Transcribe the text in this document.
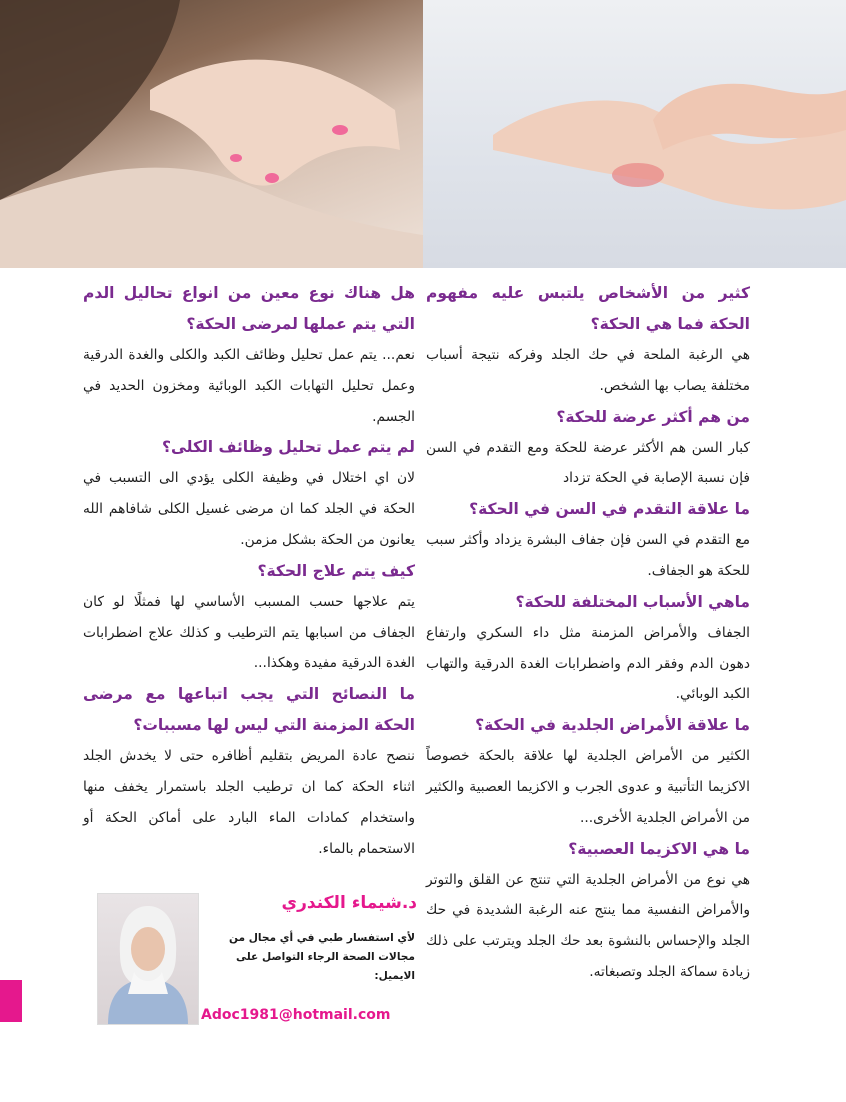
كثير من الأشخاص يلتبس عليه مفهوم الحكة فما هي الحكة؟

هي الرغبة الملحة في حك الجلد وفركه نتيجة أسباب مختلفة يصاب بها الشخص.

من هم أكثر عرضة للحكة؟

كبار السن هم الأكثر عرضة للحكة ومع التقدم في السن فإن نسبة الإصابة في الحكة تزداد

ما علاقة التقدم في السن في الحكة؟

مع التقدم في السن فإن جفاف البشرة يزداد وأكثر سبب للحكة هو الجفاف.

ماهي الأسباب المختلفة للحكة؟

الجفاف والأمراض المزمنة مثل داء السكري وارتفاع دهون الدم وفقر الدم واضطرابات الغدة الدرقية والتهاب الكبد الوبائي.

ما علاقة الأمراض الجلدية في الحكة؟

الكثير من الأمراض الجلدية لها علاقة بالحكة خصوصاً الاكزيما التأتبية و عدوى الجرب و الاكزيما العصبية والكثير من الأمراض الجلدية الأخرى...

ما هي الاكزيما العصبية؟

هي نوع من الأمراض الجلدية التي تنتج عن القلق والتوتر والأمراض النفسية مما ينتج عنه الرغبة الشديدة في حك الجلد والإحساس بالنشوة بعد حك الجلد ويترتب على ذلك زيادة سماكة الجلد وتصبغاته.

هل هناك نوع معين من انواع تحاليل الدم التي يتم عملها لمرضى الحكة؟

نعم... يتم عمل تحليل وظائف الكبد والكلى والغدة الدرقية وعمل تحليل التهابات الكبد الوبائية ومخزون الحديد في الجسم.

لم يتم عمل تحليل وظائف الكلى؟

لان اي اختلال في وظيفة الكلى يؤدي الى التسبب في الحكة في الجلد كما ان مرضى غسيل الكلى شافاهم الله يعانون من الحكة بشكل مزمن.

كيف يتم علاج الحكة؟

يتم علاجها حسب المسبب الأساسي لها فمثلًا لو كان الجفاف من اسبابها يتم الترطيب و كذلك علاج اضطرابات الغدة الدرقية مفيدة وهكذا...

ما النصائح التي يجب اتباعها مع مرضى الحكة المزمنة التي ليس لها مسببات؟

ننصح عادة المريض بتقليم أظافره حتى لا يخدش الجلد اثناء الحكة كما ان ترطيب الجلد باستمرار يخفف منها واستخدام كمادات الماء البارد على أماكن الحكة أو الاستحمام بالماء.

د.شيماء الكندري
لأي استفسار طبي في أي مجال من مجالات الصحة الرجاء التواصل على الايميل:
Adoc1981@hotmail.com
